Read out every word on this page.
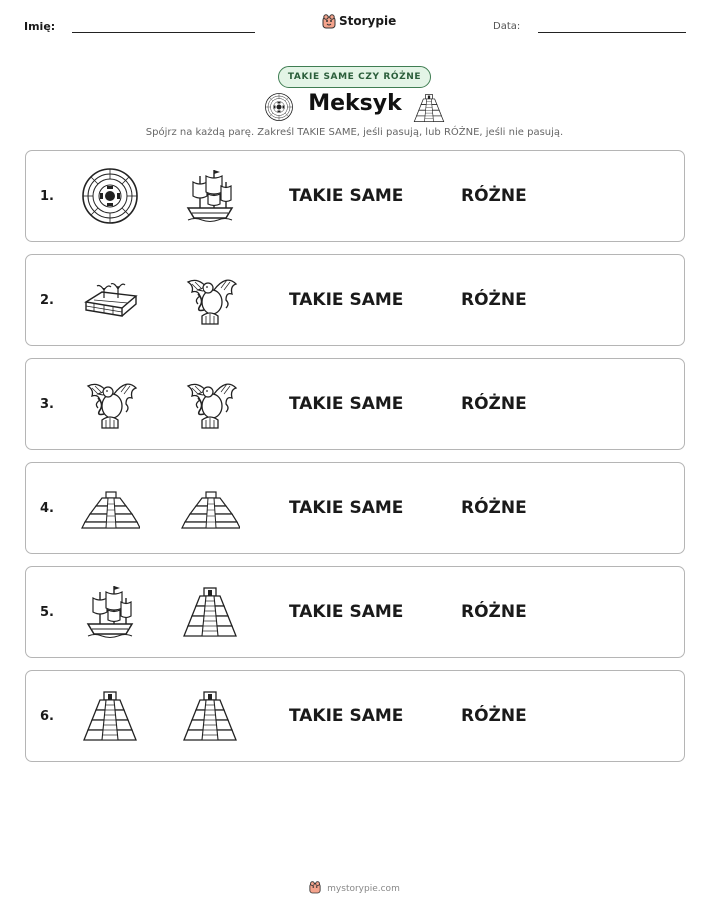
Imię:	Storypie	Data:
TAKIE SAME CZY RÓŻNE
Meksyk
Spójrz na każdą parę. Zakreśl TAKIE SAME, jeśli pasują, lub RÓŻNE, jeśli nie pasują.
1.	TAKIE SAME	RÓŻNE
2.	TAKIE SAME	RÓŻNE
3.	TAKIE SAME	RÓŻNE
4.	TAKIE SAME	RÓŻNE
5.	TAKIE SAME	RÓŻNE
6.	TAKIE SAME	RÓŻNE
mystorypie.com
